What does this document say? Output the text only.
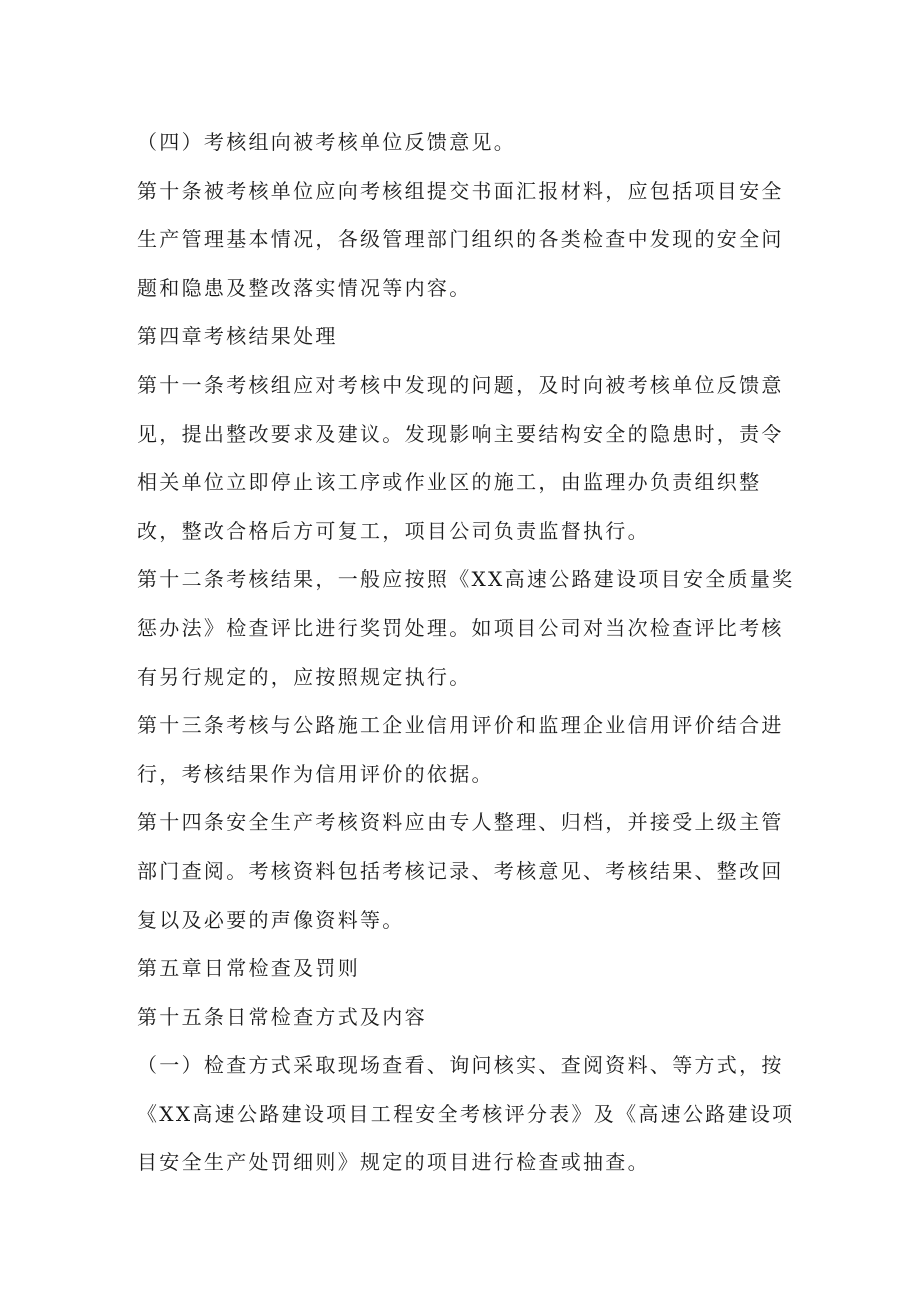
（四）考核组向被考核单位反馈意见。

第十条被考核单位应向考核组提交书面汇报材料，应包括项目安全生产管理基本情况，各级管理部门组织的各类检查中发现的安全问题和隐患及整改落实情况等内容。

第四章考核结果处理

第十一条考核组应对考核中发现的问题，及时向被考核单位反馈意见，提出整改要求及建议。发现影响主要结构安全的隐患时，责令相关单位立即停止该工序或作业区的施工，由监理办负责组织整改，整改合格后方可复工，项目公司负责监督执行。

第十二条考核结果，一般应按照《XX高速公路建设项目安全质量奖惩办法》检查评比进行奖罚处理。如项目公司对当次检查评比考核有另行规定的，应按照规定执行。

第十三条考核与公路施工企业信用评价和监理企业信用评价结合进行，考核结果作为信用评价的依据。

第十四条安全生产考核资料应由专人整理、归档，并接受上级主管部门查阅。考核资料包括考核记录、考核意见、考核结果、整改回复以及必要的声像资料等。

第五章日常检查及罚则

第十五条日常检查方式及内容

（一）检查方式采取现场查看、询问核实、查阅资料、等方式，按《XX高速公路建设项目工程安全考核评分表》及《高速公路建设项目安全生产处罚细则》规定的项目进行检查或抽查。
